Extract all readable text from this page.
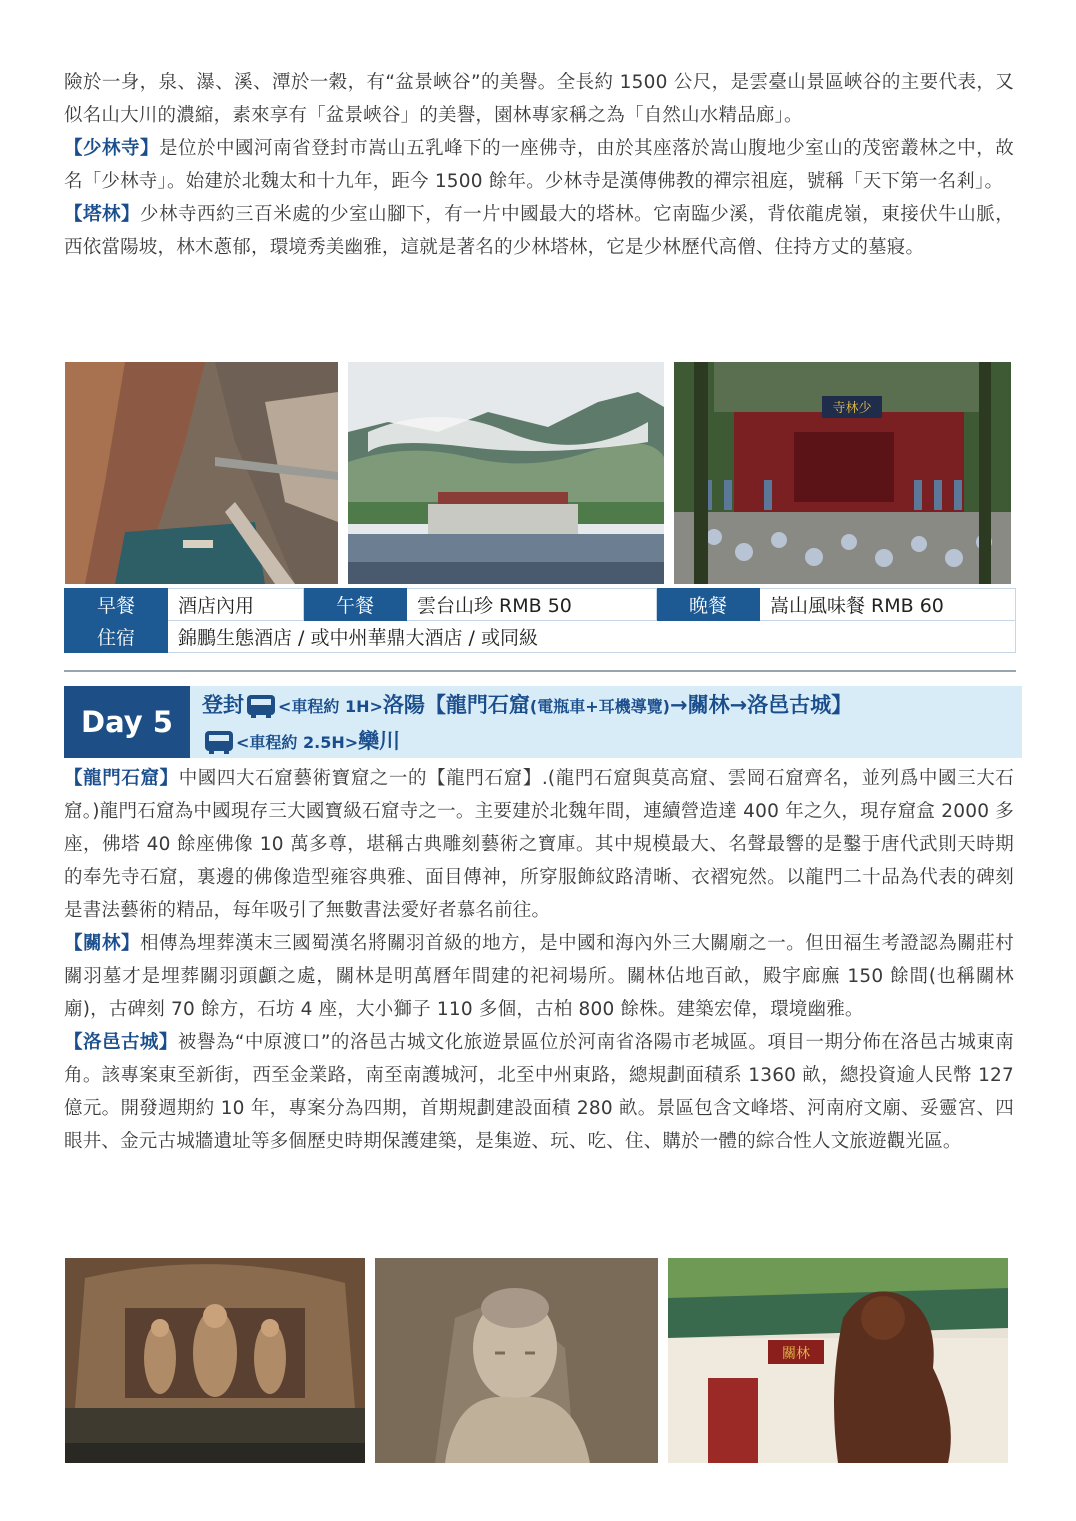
險於一身，泉、瀑、溪、潭於一穀，有“盆景峽谷”的美譽。全長約 1500 公尺，是雲臺山景區峽谷的主要代表，又似名山大川的濃縮，素來享有「盆景峽谷」的美譽，園林專家稱之為「自然山水精品廊」。

【少林寺】是位於中國河南省登封市嵩山五乳峰下的一座佛寺，由於其座落於嵩山腹地少室山的茂密叢林之中，故名「少林寺」。始建於北魏太和十九年，距今 1500 餘年。少林寺是漢傳佛教的禪宗祖庭，號稱「天下第一名剎」。

【塔林】少林寺西約三百米處的少室山腳下，有一片中國最大的塔林。它南臨少溪，背依龍虎嶺，東接伏牛山脈，西依當陽坡，林木蔥郁，環境秀美幽雅，這就是著名的少林塔林，它是少林歷代高僧、住持方丈的墓寢。

寺林少
早餐	酒店內用	午餐	雲台山珍 RMB 50	晚餐	嵩山風味餐 RMB 60
住宿	錦鵬生態酒店 / 或中州華鼎大酒店 / 或同級				
Day 5	登封 <車程約 1H>洛陽【龍門石窟(電瓶車+耳機導覽)→關林→洛邑古城】
<車程約 2.5H>欒川

【龍門石窟】中國四大石窟藝術寶窟之一的【龍門石窟】.(龍門石窟與莫高窟、雲岡石窟齊名，並列爲中國三大石窟。)龍門石窟為中國現存三大國寶級石窟寺之一。主要建於北魏年間，連續營造達 400 年之久，現存窟盒 2000 多座，佛塔 40 餘座佛像 10 萬多尊，堪稱古典雕刻藝術之寶庫。其中規模最大、名聲最響的是鑿于唐代武則天時期的奉先寺石窟，裏邊的佛像造型雍容典雅、面目傳神，所穿服飾紋路清晰、衣褶宛然。以龍門二十品為代表的碑刻是書法藝術的精品，每年吸引了無數書法愛好者慕名前往。

【關林】相傳為埋葬漢末三國蜀漢名將關羽首級的地方，是中國和海內外三大關廟之一。但田福生考證認為關莊村關羽墓才是埋葬關羽頭顱之處，關林是明萬曆年間建的祀祠場所。關林佔地百畝，殿宇廊廡 150 餘間(也稱關林廟)，古碑刻 70 餘方，石坊 4 座，大小獅子 110 多個，古柏 800 餘株。建築宏偉，環境幽雅。

【洛邑古城】被譽為“中原渡口”的洛邑古城文化旅遊景區位於河南省洛陽市老城區。項目一期分佈在洛邑古城東南角。該專案東至新街，西至金業路，南至南護城河，北至中州東路，總規劃面積系 1360 畝，總投資逾人民幣 127 億元。開發週期約 10 年，專案分為四期，首期規劃建設面積 280 畝。景區包含文峰塔、河南府文廟、妥靈宮、四眼井、金元古城牆遺址等多個歷史時期保護建築，是集遊、玩、吃、住、購於一體的綜合性人文旅遊觀光區。

關林
